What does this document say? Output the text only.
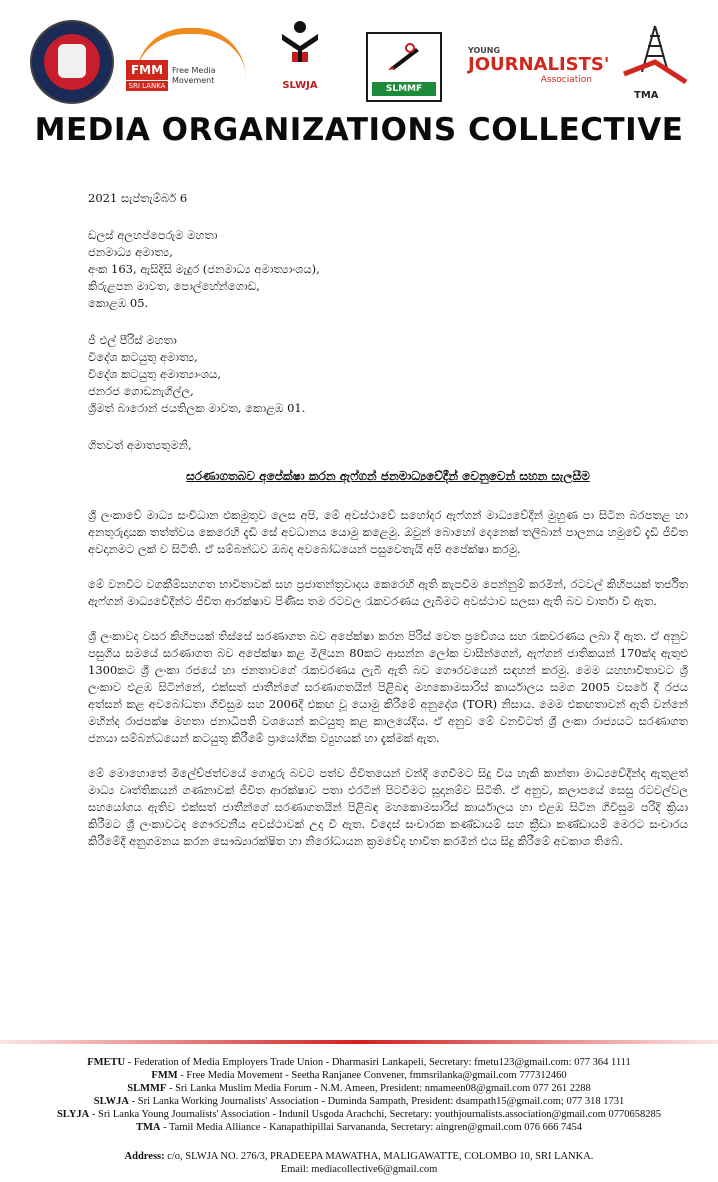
FMM
SRI LANKA
Free Media Movement	SLWJA	SLMMF
YOUNG
JOURNALISTS'
Association
TMA
MEDIA ORGANIZATIONS COLLECTIVE
2021 සැප්තැම්බර් 6
ඩලස් අලහප්පෙරුම මහතා
ජනමාධ්‍ය අමාත්‍ය,
අංක 163, ඇසිදිසි මැදුර (ජනමාධ්‍ය අමාත්‍යාංශය),
කිරුළපන මාවත, පොල්හේන්ගොඩ,
කොළඹ 05.
ජී එල් පීරිස් මහතා
විදේශ කටයුතු අමාත්‍ය,
විදේශ කටයුතු අමාත්‍යාංශය,
ජනරජ ගොඩනැගිල්ල,
ශ්‍රීමත් බාරොන් ජයතිලක මාවත, කොළඹ 01.
ගිතවත් අමාත්‍යතුමනි,
සරණාගතබව අපේක්ෂා කරන ඇෆ්ගන් ජනමාධ්‍යවේදීන් වෙනුවෙන් සහන සැලසීම

ශ්‍රී ලංකාවේ මාධ්‍ය සංවිධාන එකමුතුව ලෙස අපි, මේ අවස්ථාවේ සහෝදර ඇෆ්ගන් මාධ්‍යවේදීන් මුහුණ පා සිටින බරපතළ හා අනතුරුදායක තත්ත්වය කෙරෙහි දැඩි සේ අවධානය යොමු කළෙමු. ඔවුන් බොහෝ දෙනෙක් තලිබාන් පාලනය හමුවේ දැඩි ජීවිත අවදානමට ලක් ව සිටිති. ඒ සම්බන්ධව ඔබද අවබෝධයෙන් පසුවෙතැයි අපි අපේක්ෂා කරමු.

මේ වනවිට වගකීම්සහගත භාවිතාවක් සහ ප්‍රජාතන්ත්‍රවාදය කෙරෙහි ඇති කැපවීම පෙන්නුම් කරමින්, රටවල් කිහිපයක් තර්ජිත ඇෆ්ගන් මාධ්‍යවේදීන්ට ජීවිත ආරක්ෂාව පිණිස තම රටවල රැකවරණය ලැබීමට අවස්ථාව සලසා ඇති බව වාර්තා වී ඇත.

ශ්‍රී ලංකාවද වසර කිහිපයක් තිස්සේ සරණාගත බව අපේක්ෂා කරන පිරිස් වෙත ප්‍රවේශය සහ රැකවරණය ලබා දී ඇත. ඒ අනුව පසුගිය සමයේ සරණාගත බව අපේක්ෂා කළ මිලියන 80කට ආසන්න ලෝක වාසීන්ගෙන්, ඇෆ්ගන් ජාතිකයන් 170ක්ද ඇතුළු 1300කට ශ්‍රී ලංකා රජයේ හා ජනතාවගේ රැකවරණය ලැබී ඇති බව ගෞරවයෙන් සඳහන් කරමු. මෙම යහභාවිතාවට ශ්‍රී ලංකාව එළඹ සිටින්නේ, එක්සත් ජාතීන්ගේ සරණාගතයින් පිළිබඳ මහකොමසාරිස් කාර්යාලය සමග 2005 වසරේ දී රජය අත්සන් කළ අවබෝධතා ගිවිසුම සහ 2006දී එකඟ වූ යොමු කිරීමේ අනුදේශ (TOR) නිසාය. මෙම එකඟතාවන් ඇති වන්නේ මහින්ද රාජපක්ෂ මහතා ජනාධිපති වශයෙන් කටයුතු කළ කාලයේදීය. ඒ අනුව මේ වනවිටත් ශ්‍රී ලංකා රාජ්‍යයට සරණාගත ජනයා සම්බන්ධයෙන් කටයුතු කිරීමේ ප්‍රායෝගික ව්‍යුහයක් හා දැක්මක් ඇත.

මේ මොහොතේ මිලේච්ඡත්වයේ ගොදුරු බවට පත්ව ජීවිතයෙන් වන්දි ගෙවීමට සිදු විය හැකි කාන්තා මාධ්‍යවේදීන්ද ඇතුළත් මාධ්‍ය වෘත්තිකයන් ගණනාවක් ජීවිත ආරක්ෂාව පතා එරටින් පිටවීමට සූදානම්ව සිටිති. ඒ අනුව, කලාපයේ සෙසු රටවල්වල සහයෝගය ඇතිව එක්සත් ජාතීන්ගේ සරණාගතයින් පිළිබඳ මහකොමසාරිස් කාර්යාලය හා එළඹ සිටින ගිවිසුම පරිදි ක්‍රියා කිරීමට ශ්‍රී ලංකාවටද ගෞරවනීය අවස්ථාවක් උදා වී ඇත. විදෙස් සංචාරක කණ්ඩායම් සහ ක්‍රීඩා කණ්ඩායම් මෙරට සංචාරය කිරීමේදී අනුගමනය කරන සෞඛ්‍යාරක්ෂිත හා නිරෝධායන ක්‍රමවේද භාවිත කරමින් එය සිදු කිරීමේ අවකාශ තිබේ.

FMETU - Federation of Media Employers Trade Union - Dharmasiri Lankapeli, Secretary: fmetu123@gmail.com: 077 364 1111
FMM - Free Media Movement - Seetha Ranjanee Convener, fmmsrilanka@gmail.com 777312460
SLMMF - Sri Lanka Muslim Media Forum - N.M. Ameen, President: nmameen08@gmail.com 077 261 2288
SLWJA - Sri Lanka Working Journalists' Association - Duminda Sampath, President: dsampath15@gmail.com; 077 318 1731
SLYJA - Sri Lanka Young Journalists' Association - Indunil Usgoda Arachchi, Secretary: youthjournalists.association@gmail.com 0770658285
TMA - Tamil Media Alliance - Kanapathipillai Sarvananda, Secretary: aingren@gmail.com 076 666 7454
Address: c/o, SLWJA NO. 276/3, PRADEEPA MAWATHA, MALIGAWATTE, COLOMBO 10, SRI LANKA.
Email: mediacollective6@gmail.com
